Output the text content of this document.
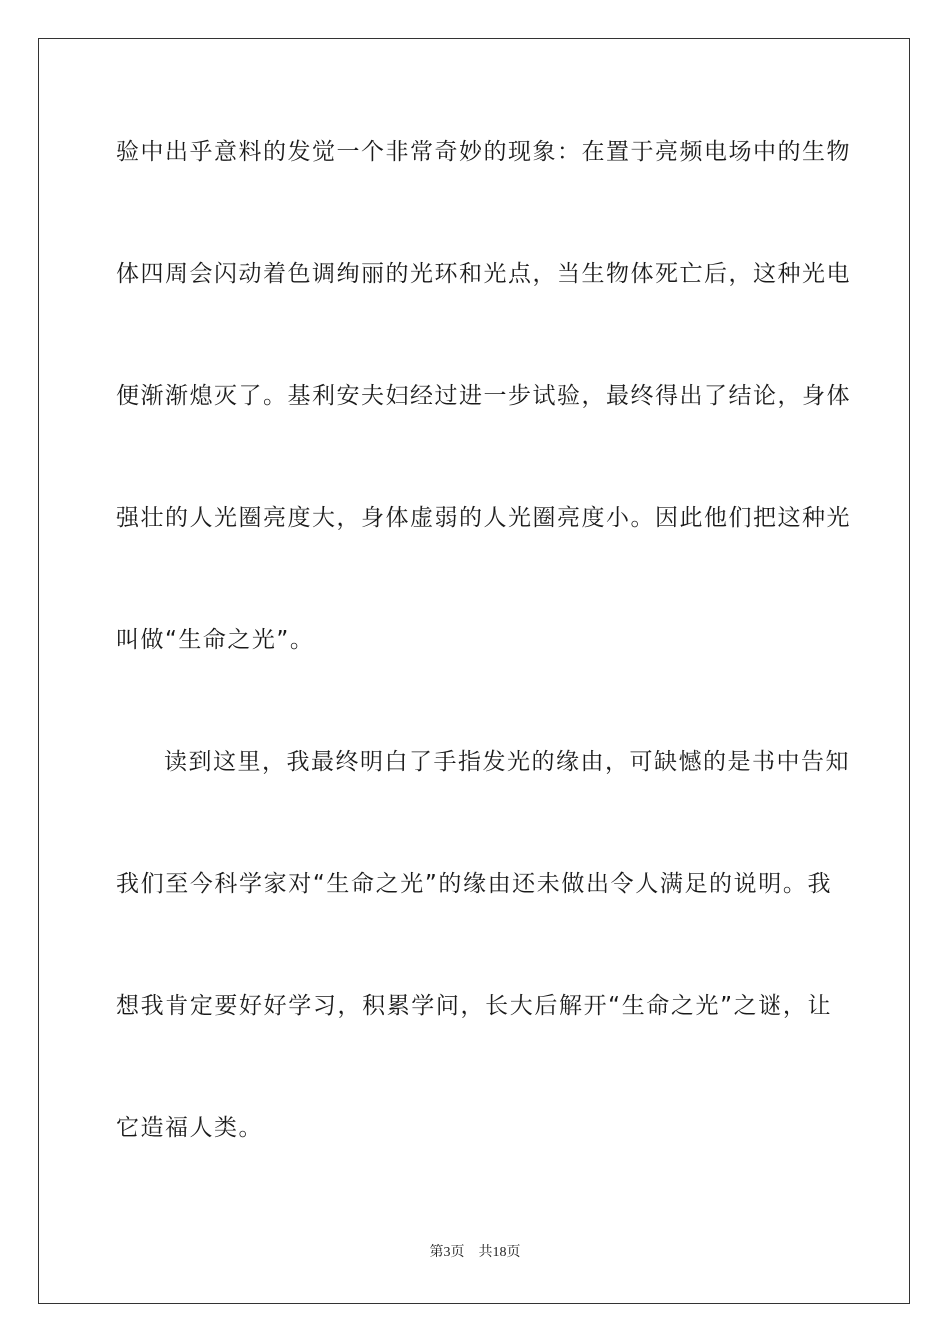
验中出乎意料的发觉一个非常奇妙的现象：在置于亮频电场中的生物
体四周会闪动着色调绚丽的光环和光点，当生物体死亡后，这种光电
便渐渐熄灭了。基利安夫妇经过进一步试验，最终得出了结论，身体
强壮的人光圈亮度大，身体虚弱的人光圈亮度小。因此他们把这种光
叫做“生命之光”。
读到这里，我最终明白了手指发光的缘由，可缺憾的是书中告知
我们至今科学家对“生命之光”的缘由还未做出令人满足的说明。我
想我肯定要好好学习，积累学问，长大后解开“生命之光”之谜，让
它造福人类。
第3页 共18页
